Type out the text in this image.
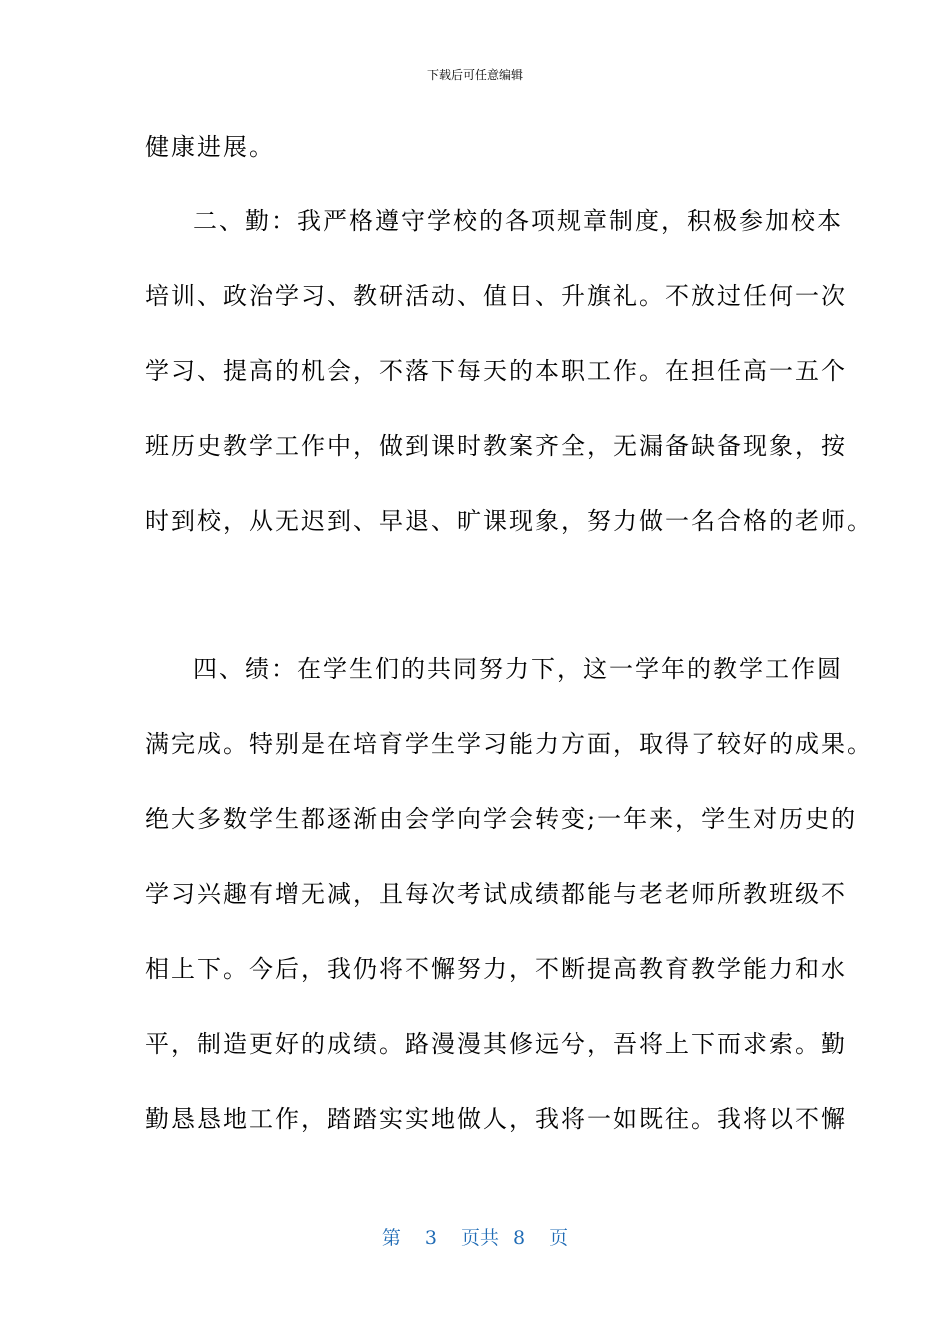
下载后可任意编辑
健康进展。
二、勤：我严格遵守学校的各项规章制度，积极参加校本
培训、政治学习、教研活动、值日、升旗礼。不放过任何一次
学习、提高的机会，不落下每天的本职工作。在担任高一五个
班历史教学工作中，做到课时教案齐全，无漏备缺备现象，按
时到校，从无迟到、早退、旷课现象，努力做一名合格的老师。
四、绩：在学生们的共同努力下，这一学年的教学工作圆
满完成。特别是在培育学生学习能力方面，取得了较好的成果。
绝大多数学生都逐渐由会学向学会转变;一年来，学生对历史的
学习兴趣有增无减，且每次考试成绩都能与老老师所教班级不
相上下。今后，我仍将不懈努力，不断提高教育教学能力和水
平，制造更好的成绩。路漫漫其修远兮，吾将上下而求索。勤
勤恳恳地工作，踏踏实实地做人，我将一如既往。我将以不懈
第 3 页共 8 页
